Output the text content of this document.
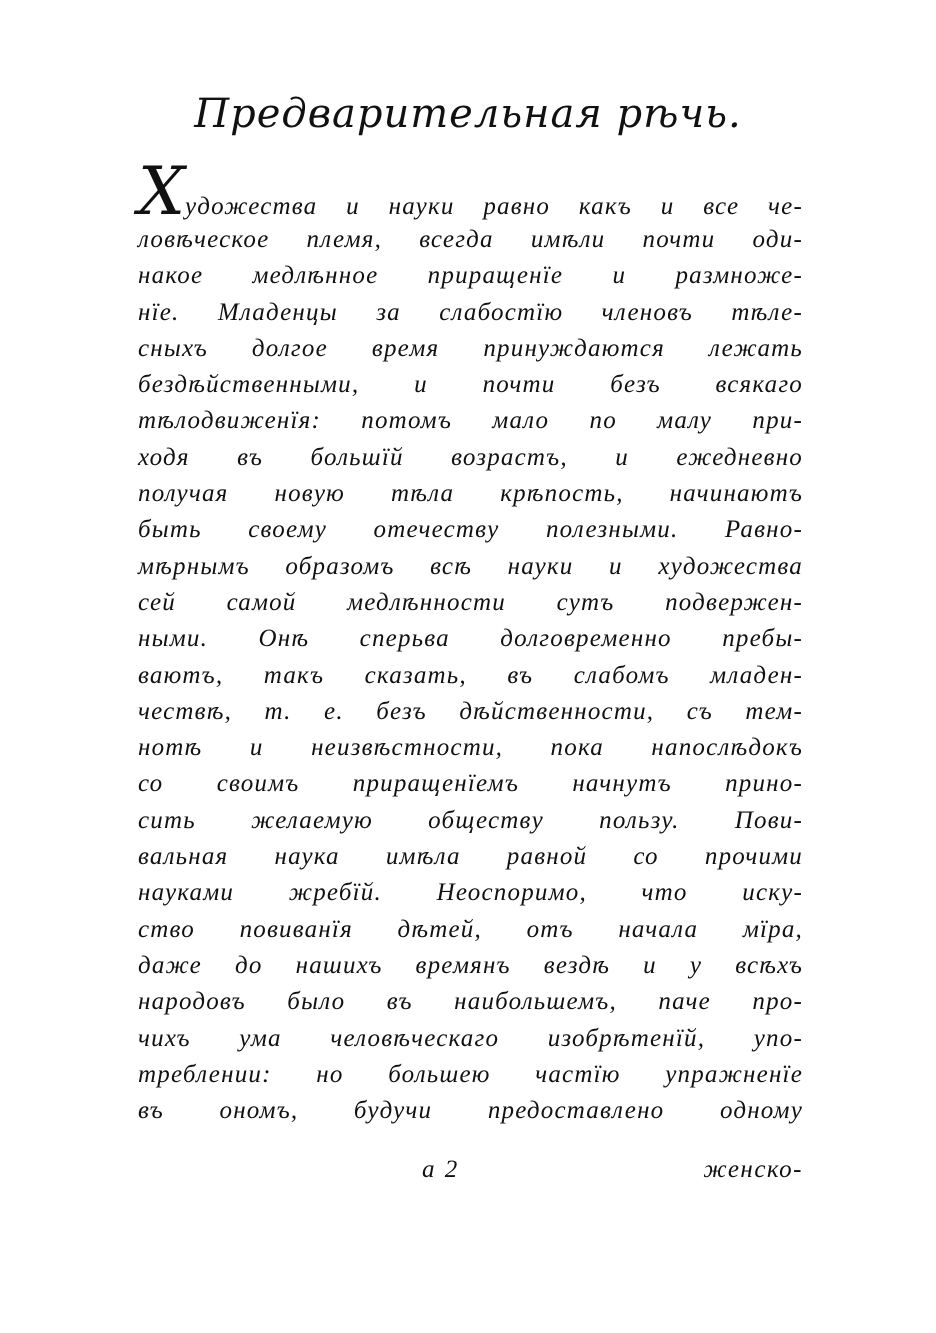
Предварительная рѣчь.
Художества и науки равно какъ и все че-
ловѣческое племя, всегда имѣли почти оди-
накое медлѣнное приращенїе и размноже-
нїе. Младенцы за слабостїю членовъ тѣле-
сныхъ долгое время принуждаются лежать
бездѣйственными, и почти безъ всякаго
тѣлодвиженїя: потомъ мало по малу при-
ходя въ большїй возрастъ, и ежедневно
получая новую тѣла крѣпость, начинаютъ
быть своему отечеству полезными. Равно-
мѣрнымъ образомъ всѣ науки и художества
сей самой медлѣнности сутъ подвержен-
ными. Онѣ сперьва долговременно пребы-
ваютъ, такъ сказать, въ слабомъ младен-
чествѣ, т. е. безъ дѣйственности, съ тем-
нотѣ и неизвѣстности, пока напослѣдокъ
со своимъ приращенїемъ начнутъ прино-
сить желаемую обществу пользу. Пови-
вальная наука имѣла равной со прочими
науками жребїй. Неоспоримо, что иску-
ство повиванїя дѣтей, отъ начала мїра,
даже до нашихъ времянъ вездѣ и у всѣхъ
народовъ было въ наибольшемъ, паче про-
чихъ ума человѣческаго изобрѣтенїй, упо-
треблении: но большею частїю упражненїе
въ ономъ, будучи предоставлено одному
а 2	женско-
